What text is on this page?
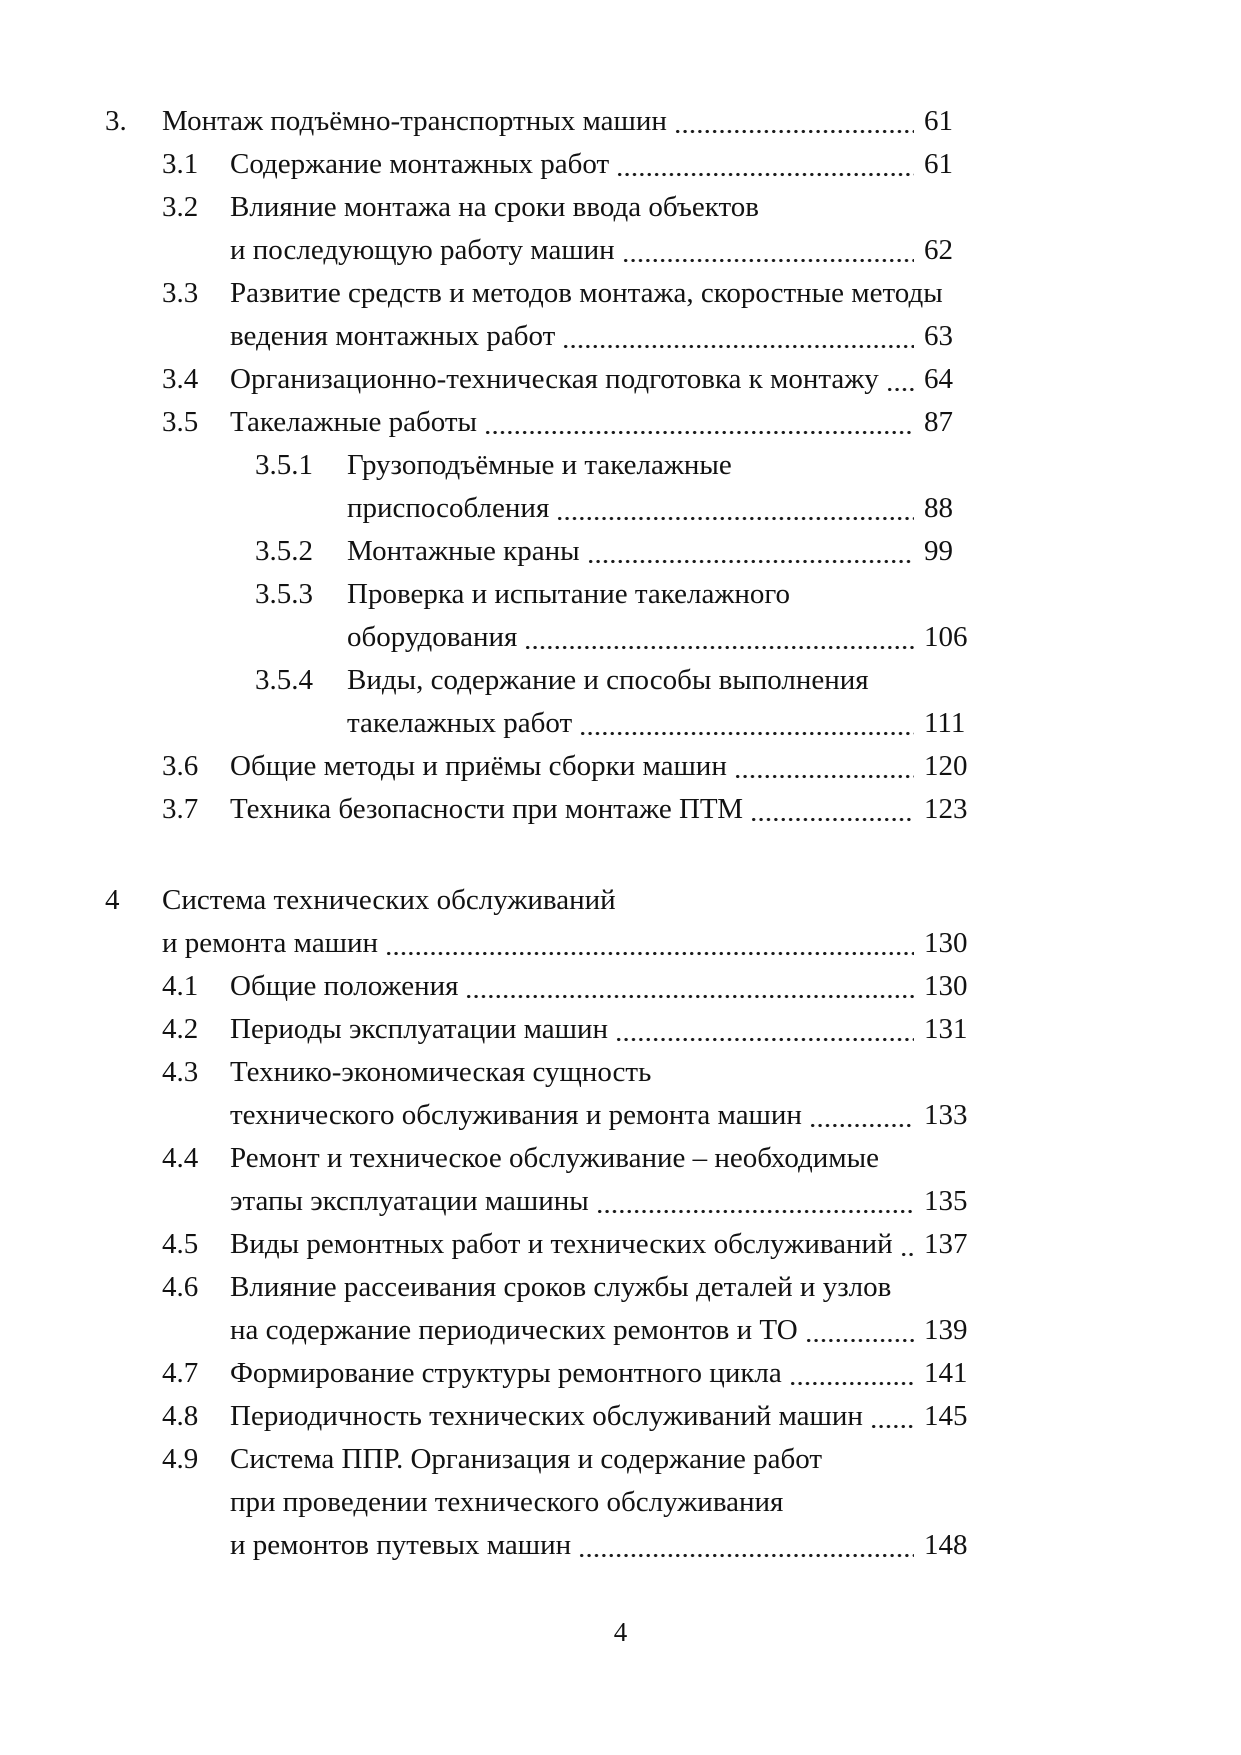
3.	Монтаж подъёмно-транспортных машин	61
3.1	Содержание монтажных работ	61
3.2	Влияние монтажа на сроки ввода объектов
и последующую работу машин	62
3.3	Развитие средств и методов монтажа, скоростные методы
ведения монтажных работ	63
3.4	Организационно-техническая подготовка к монтажу	64
3.5	Такелажные работы	87
3.5.1	Грузоподъёмные и такелажные
приспособления	88
3.5.2	Монтажные краны	99
3.5.3	Проверка и испытание такелажного
оборудования	106
3.5.4	Виды, содержание и способы выполнения
такелажных работ	111
3.6	Общие методы и приёмы сборки машин	120
3.7	Техника безопасности при монтаже ПТМ	123
4	Система технических обслуживаний
и ремонта машин	130
4.1	Общие положения	130
4.2	Периоды эксплуатации машин	131
4.3	Технико-экономическая сущность
технического обслуживания и ремонта машин	133
4.4	Ремонт и техническое обслуживание – необходимые
этапы эксплуатации машины	135
4.5	Виды ремонтных работ и технических обслуживаний	137
4.6	Влияние рассеивания сроков службы деталей и узлов
на содержание периодических ремонтов и ТО	139
4.7	Формирование структуры ремонтного цикла	141
4.8	Периодичность технических обслуживаний машин	145
4.9	Система ППР. Организация и содержание работ
при проведении технического обслуживания
и ремонтов путевых машин	148
4
